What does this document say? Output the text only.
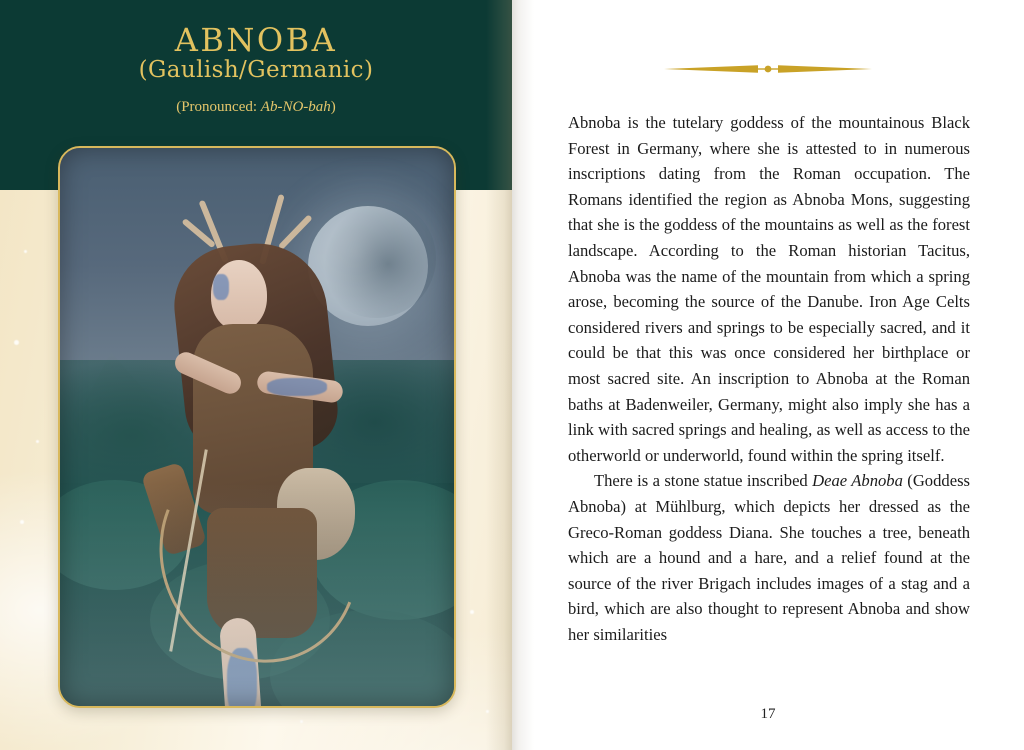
ABNOBA
(Gaulish/Germanic)
(Pronounced: Ab-NO-bah)

Abnoba is the tutelary goddess of the mountainous Black Forest in Germany, where she is attested to in numerous inscriptions dating from the Roman occupation. The Romans identified the region as Abnoba Mons, suggesting that she is the goddess of the mountains as well as the forest landscape. According to the Roman historian Tacitus, Abnoba was the name of the mountain from which a spring arose, becoming the source of the Danube. Iron Age Celts considered rivers and springs to be especially sacred, and it could be that this was once considered her birthplace or most sacred site. An inscription to Abnoba at the Roman baths at Badenweiler, Germany, might also imply she has a link with sacred springs and healing, as well as access to the otherworld or underworld, found within the spring itself.

There is a stone statue inscribed Deae Abnoba (Goddess Abnoba) at Mühlburg, which depicts her dressed as the Greco-Roman goddess Diana. She touches a tree, beneath which are a hound and a hare, and a relief found at the source of the river Brigach includes images of a stag and a bird, which are also thought to represent Abnoba and show her similarities

17
